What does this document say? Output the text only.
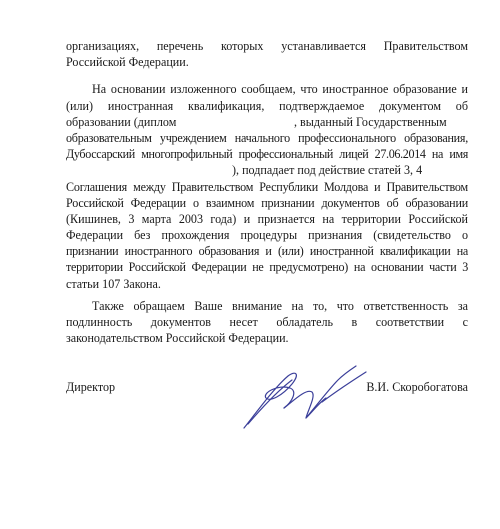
организациях, перечень которых устанавливается Правительством
Российской Федерации.
На основании изложенного сообщаем, что иностранное образование и
(или) иностранная квалификация, подтверждаемое документом об
образовании (диплом	, выданный Государственным
образовательным учреждением начального профессионального образования,
Дубоссарский многопрофильный профессиональный лицей 27.06.2014 на имя
), подпадает под действие статей 3, 4
Соглашения между Правительством Республики Молдова и Правительством
Российской Федерации о взаимном признании документов об образовании
(Кишинев, 3 марта 2003 года) и признается на территории Российской
Федерации без прохождения процедуры признания (свидетельство о
признании иностранного образования и (или) иностранной квалификации на
территории Российской Федерации не предусмотрено) на основании части 3
статьи 107 Закона.
Также обращаем Ваше внимание на то, что ответственность за
подлинность документов несет обладатель в соответствии с
законодательством Российской Федерации.
Директор	В.И. Скоробогатова
